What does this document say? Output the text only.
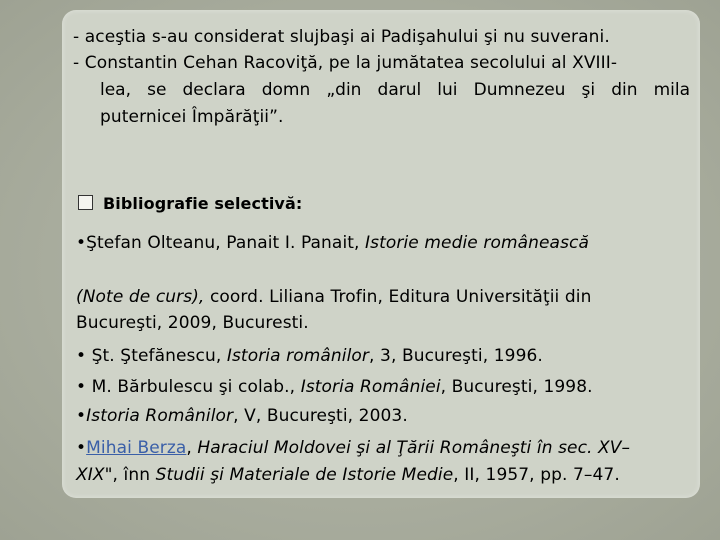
- aceştia s-au considerat slujbaşi ai Padişahului şi nu suverani.
- Constantin Cehan Racoviţă, pe la jumătatea secolului al XVIII-
lea, se declara domn „din darul lui Dumnezeu şi din mila
puternicei Împărăţii”.
Bibliografie selectivă:
•Ştefan Olteanu, Panait I. Panait, Istorie medie românească
(Note de curs), coord. Liliana Trofin, Editura Universităţii din
Bucureşti, 2009, Bucuresti.
• Şt. Ştefănescu, Istoria românilor, 3, Bucureşti, 1996.
• M. Bărbulescu şi colab., Istoria României, Bucureşti, 1998.
•Istoria Românilor, V, Bucureşti, 2003.
•Mihai Berza, Haraciul Moldovei şi al Ţării Româneşti în sec. XV–
XIX", înn Studii şi Materiale de Istorie Medie, II, 1957, pp. 7–47.
